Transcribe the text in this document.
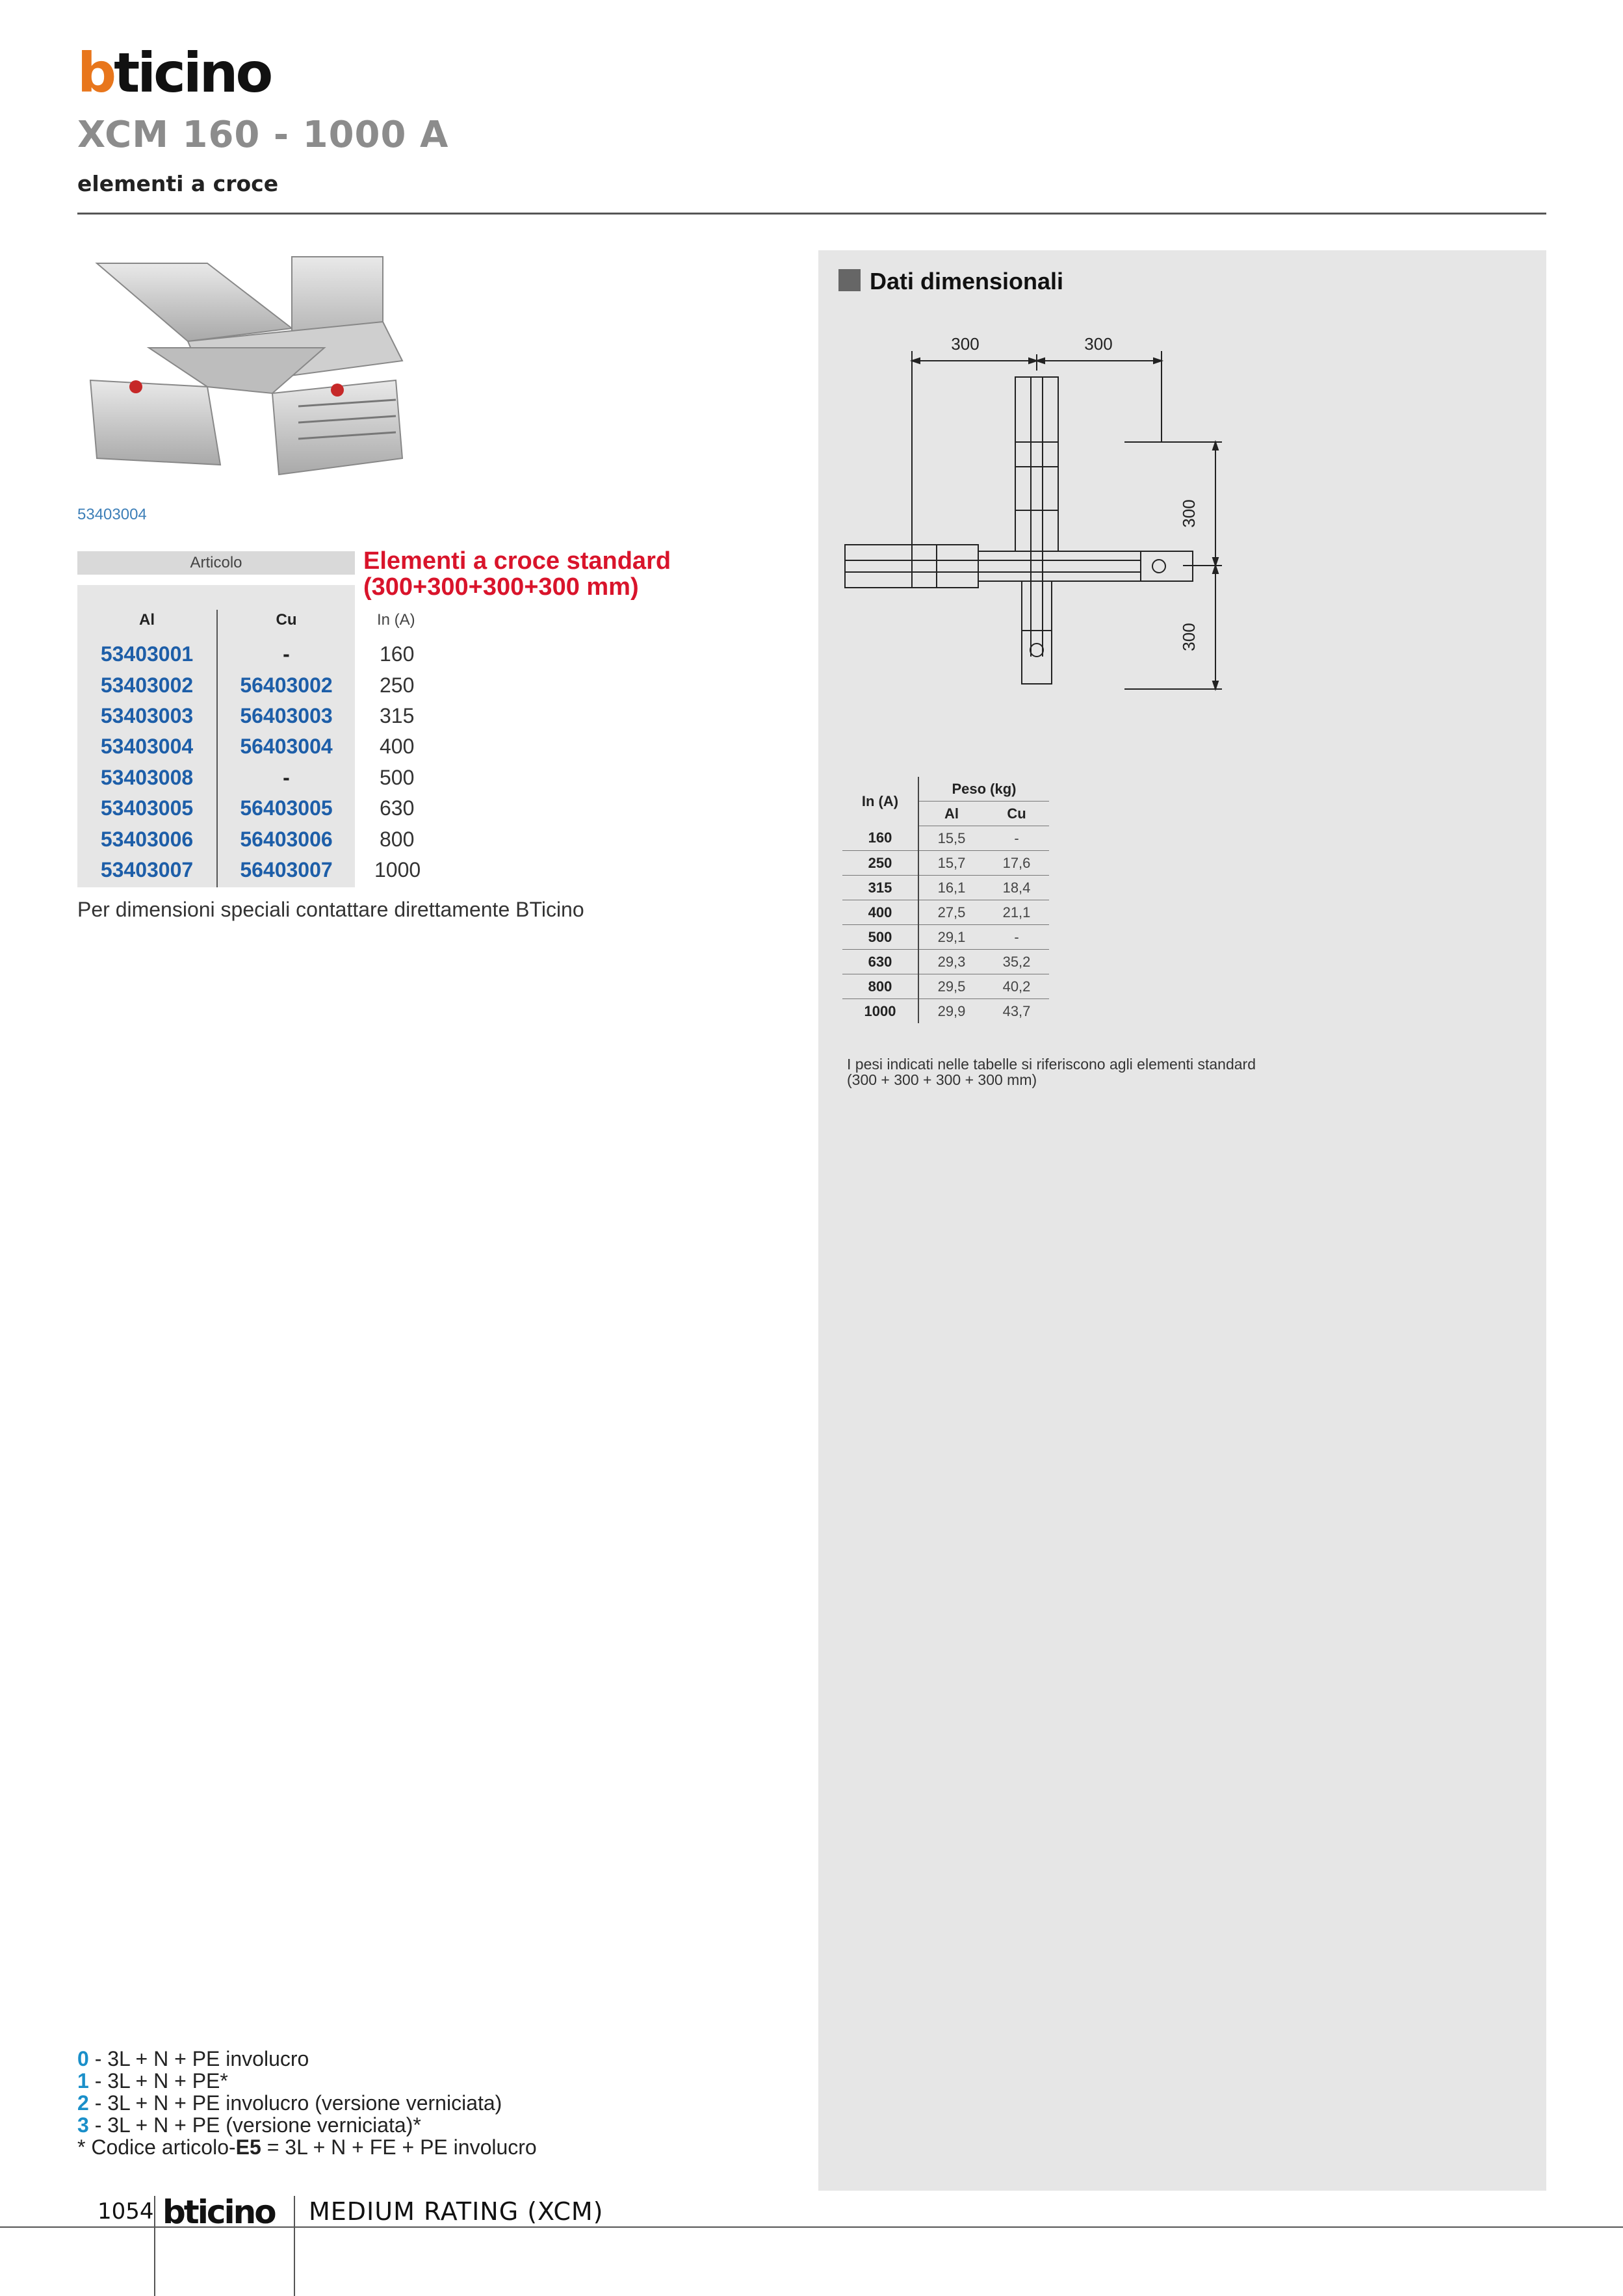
bticino
XCM 160 - 1000 A
elementi a croce
53403004
Articolo	Elementi a croce standard
(300+300+300+300 mm)
Al	Cu	In (A)
53403001	-	160
53403002	56403002	250
53403003	56403003	315
53403004	56403004	400
53403008	-	500
53403005	56403005	630
53403006	56403006	800
53403007	56403007	1000
Per dimensioni speciali contattare direttamente BTicino
0 - 3L + N + PE involucro
1 - 3L + N + PE*
2 - 3L + N + PE involucro (versione verniciata)
3 - 3L + N + PE (versione verniciata)*
* Codice articolo-E5 = 3L + N + FE + PE involucro
Dati dimensionali
300	300
300
300
In (A)	Peso (kg)	
	Al	Cu
160	15,5	-
250	15,7	17,6
315	16,1	18,4
400	27,5	21,1
500	29,1	-
630	29,3	35,2
800	29,5	40,2
1000	29,9	43,7
I pesi indicati nelle tabelle si riferiscono agli elementi standard
(300 + 300 + 300 + 300 mm)
1054 bticino MEDIUM RATING (XCM)
